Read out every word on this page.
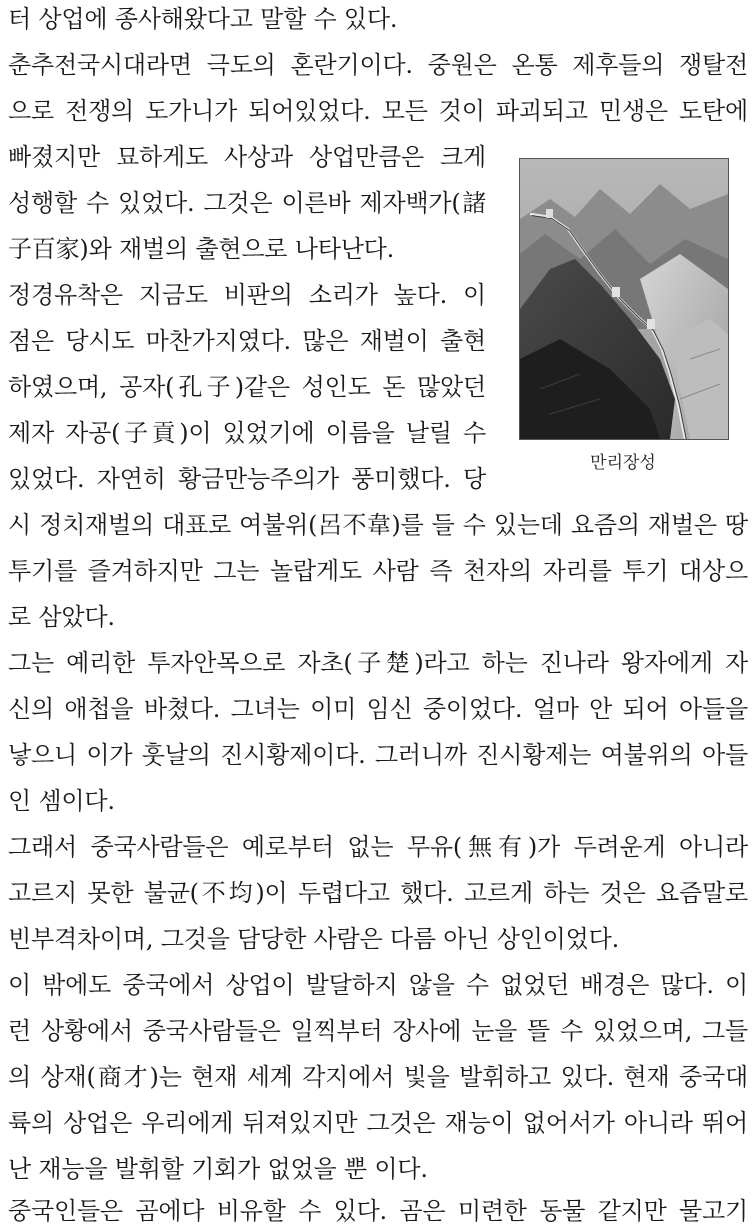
터 상업에 종사해왔다고 말할 수 있다.

춘추전국시대라면 극도의 혼란기이다. 중원은 온통 제후들의 쟁탈전

으로 전쟁의 도가니가 되어있었다. 모든 것이 파괴되고 민생은 도탄에

빠졌지만 묘하게도 사상과 상업만큼은 크게

성행할 수 있었다. 그것은 이른바 제자백가(諸

子百家)와 재벌의 출현으로 나타난다.

정경유착은 지금도 비판의 소리가 높다. 이

점은 당시도 마찬가지였다. 많은 재벌이 출현

하였으며, 공자(孔子)같은 성인도 돈 많았던

제자 자공(子貢)이 있었기에 이름을 날릴 수

있었다. 자연히 황금만능주의가 풍미했다. 당

시 정치재벌의 대표로 여불위(呂不韋)를 들 수 있는데 요즘의 재벌은 땅

투기를 즐겨하지만 그는 놀랍게도 사람 즉 천자의 자리를 투기 대상으

로 삼았다.

그는 예리한 투자안목으로 자초(子楚)라고 하는 진나라 왕자에게 자

신의 애첩을 바쳤다. 그녀는 이미 임신 중이었다. 얼마 안 되어 아들을

낳으니 이가 훗날의 진시황제이다. 그러니까 진시황제는 여불위의 아들

인 셈이다.

그래서 중국사람들은 예로부터 없는 무유(無有)가 두려운게 아니라

고르지 못한 불균(不均)이 두렵다고 했다. 고르게 하는 것은 요즘말로

빈부격차이며, 그것을 담당한 사람은 다름 아닌 상인이었다.

이 밖에도 중국에서 상업이 발달하지 않을 수 없었던 배경은 많다. 이

런 상황에서 중국사람들은 일찍부터 장사에 눈을 뜰 수 있었으며, 그들

의 상재(商才)는 현재 세계 각지에서 빛을 발휘하고 있다. 현재 중국대

륙의 상업은 우리에게 뒤져있지만 그것은 재능이 없어서가 아니라 뛰어

난 재능을 발휘할 기회가 없었을 뿐 이다.

중국인들은 곰에다 비유할 수 있다. 곰은 미련한 동물 같지만 물고기

만리장성
